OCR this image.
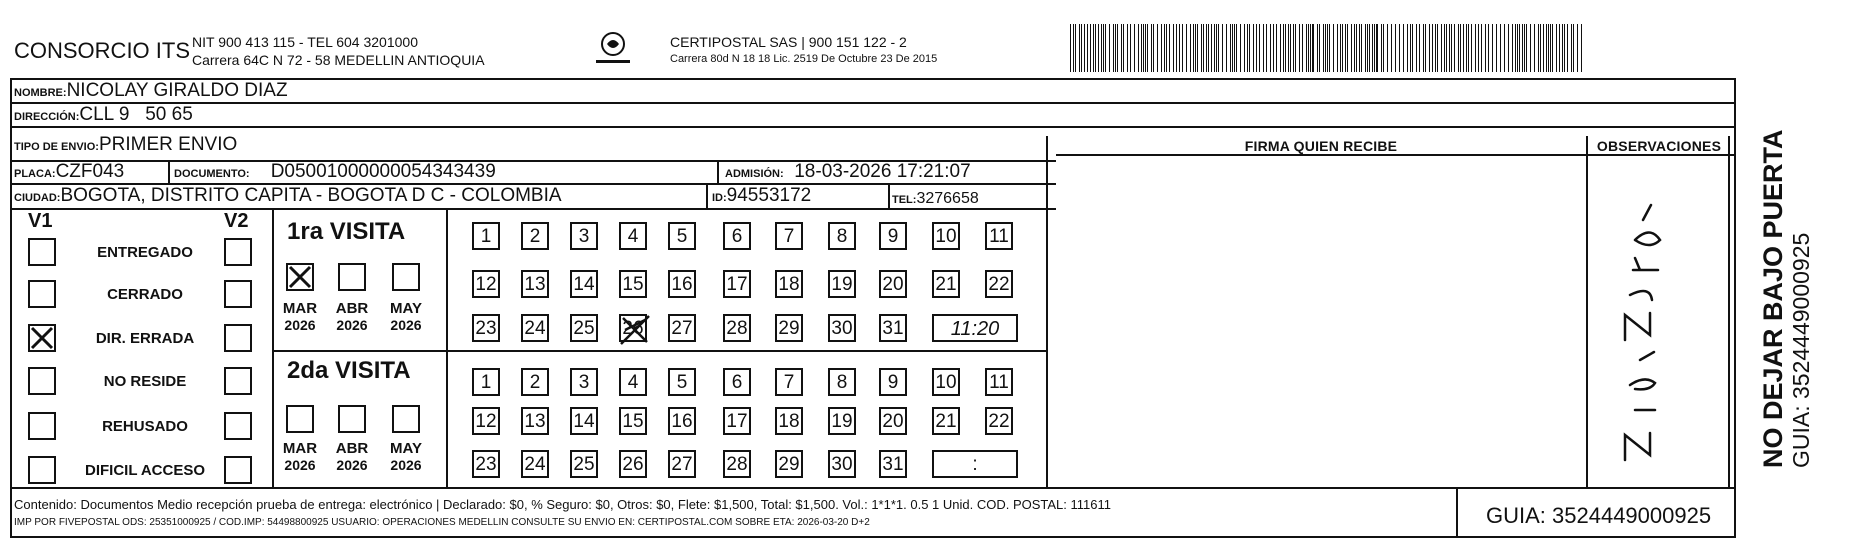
CONSORCIO ITS NIT 900 413 115 - TEL 604 3201000
Carrera 64C N 72 - 58 MEDELLIN ANTIOQUIA
CERTIPOSTAL SAS | 900 151 122 - 2
Carrera 80d N 18 18 Lic. 2519 De Octubre 23 De 2015
NOMBRE:NICOLAY GIRALDO DIAZ
DIRECCIÓN:CLL 9   50 65
TIPO DE ENVIO:PRIMER ENVIO
PLACA:CZF043	DOCUMENTO: D05001000000054343439	ADMISIÓN: 18-03-2026 17:21:07
CIUDAD:BOGOTA, DISTRITO CAPITA - BOGOTA D C - COLOMBIA	ID:94553172	TEL:3276658
FIRMA QUIEN RECIBE	OBSERVACIONES
V1	V2
ENTREGADO
CERRADO
DIR. ERRADA
NO RESIDE
REHUSADO
DIFICIL ACCESO
1ra VISITA
2da VISITA
MAR
2026
ABR
2026
MAY
2026
MAR
2026
ABR
2026
MAY
2026
1	2	3	4	5	6	7	8	9	10 11
12 13 14 15 16 17 18 19 20 21 22
23 24 25 26 27 28 29 30 31	11:20
1	2	3	4	5	6	7	8	9	10 11
12 13 14 15 16 17 18 19 20 21 22
23 24 25 26 27 28 29 30 31	:	NO DEJAR BAJO PUERTA GUIA: 3524449000925
Contenido: Documentos Medio recepción prueba de entrega: electrónico | Declarado: $0, % Seguro: $0, Otros: $0, Flete: $1,500, Total: $1,500. Vol.: 1*1*1. 0.5 1 Unid. COD. POSTAL: 111611
IMP POR FIVEPOSTAL ODS: 25351000925 / COD.IMP: 54498800925 USUARIO: OPERACIONES MEDELLIN CONSULTE SU ENVIO EN: CERTIPOSTAL.COM SOBRE ETA: 2026-03-20 D+2	GUIA: 3524449000925
